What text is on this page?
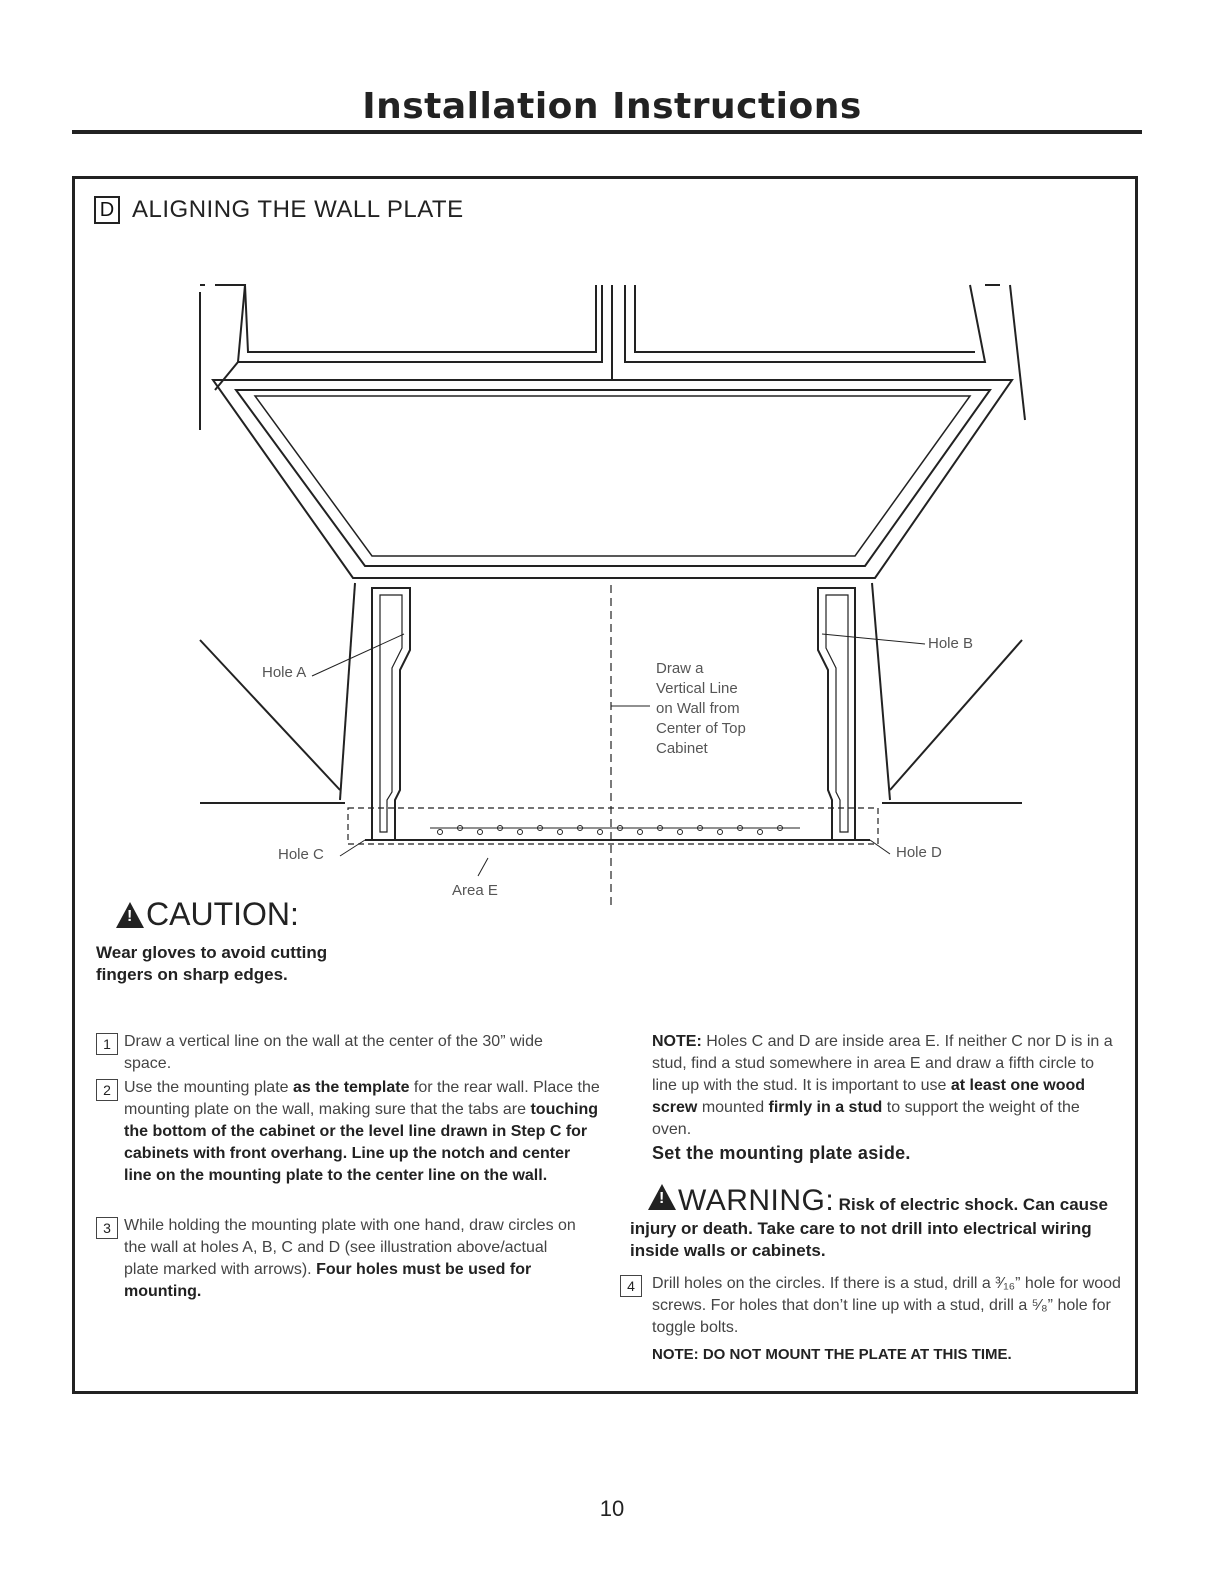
Installation Instructions
D ALIGNING THE WALL PLATE
Hole A
Hole B
Hole C	Hole D
Area E
Draw a
Vertical Line
on Wall from
Center of Top
Cabinet
!
CAUTION:
Wear gloves to avoid cutting fingers on sharp edges.
1 Draw a vertical line on the wall at the center of the 30” wide space.
2 Use the mounting plate as the template for the rear wall. Place the mounting plate on the wall, making sure that the tabs are touching the bottom of the cabinet or the level line drawn in Step C for cabinets with front overhang. Line up the notch and center line on the mounting plate to the center line on the wall.
3 While holding the mounting plate with one hand, draw circles on the wall at holes A, B, C and D (see illustration above/actual plate marked with arrows). Four holes must be used for mounting.
NOTE: Holes C and D are inside area E. If neither C nor D is in a stud, find a stud somewhere in area E and draw a fifth circle to line up with the stud. It is important to use at least one wood screw mounted firmly in a stud to support the weight of the oven.
Set the mounting plate aside.
!WARNING: Risk of electric shock. Can cause injury or death. Take care to not drill into electrical wiring inside walls or cabinets.
4	Drill holes on the circles. If there is a stud, drill a ³⁄₁₆” hole for wood screws. For holes that don’t line up with a stud, drill a ⁵⁄₈” hole for toggle bolts.
NOTE: DO NOT MOUNT THE PLATE AT THIS TIME.
10
